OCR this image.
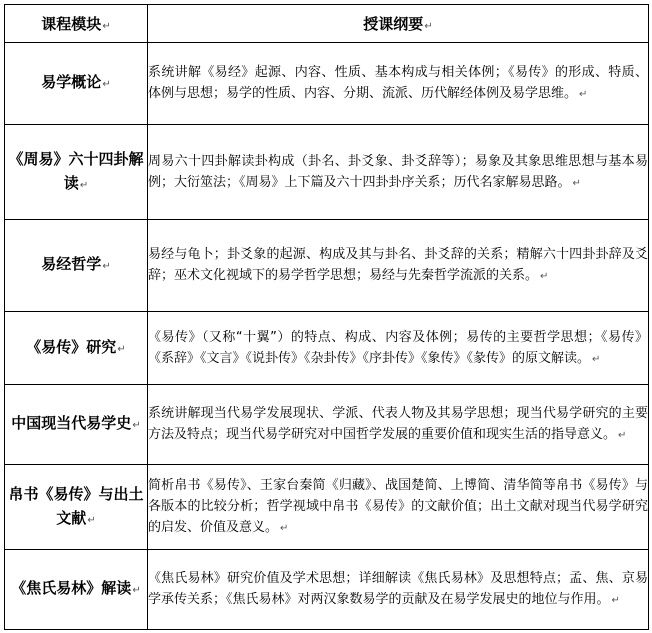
课程模块↵	授课纲要↵
易学概论↵	系统讲解《易经》起源、内容、性质、基本构成与相关体例；《易传》的形成、特质、体例与思想；易学的性质、内容、分期、流派、历代解经体例及易学思维。 ↵
《周易》六十四卦解读↵	周易六十四卦解读卦构成（卦名、卦爻象、卦爻辞等）；易象及其象思维思想与基本易例；大衍筮法；《周易》上下篇及六十四卦卦序关系；历代名家解易思路。 ↵
易经哲学↵	易经与龟卜；卦爻象的起源、构成及其与卦名、卦爻辞的关系；精解六十四卦卦辞及爻辞；巫术文化视域下的易学哲学思想；易经与先秦哲学流派的关系。 ↵
《易传》研究↵	《易传》（又称“十翼”）的特点、构成、内容及体例；易传的主要哲学思想；《易传》《系辞》《文言》《说卦传》《杂卦传》《序卦传》《象传》《彖传》的原文解读。 ↵
中国现当代易学史↵	系统讲解现当代易学发展现状、学派、代表人物及其易学思想；现当代易学研究的主要方法及特点；现当代易学研究对中国哲学发展的重要价值和现实生活的指导意义。 ↵
帛书《易传》与出土文献↵	简析帛书《易传》、王家台秦简《归藏》、战国楚简、上博简、清华简等帛书《易传》与各版本的比较分析；哲学视域中帛书《易传》的文献价值；出土文献对现当代易学研究的启发、价值及意义。 ↵
《焦氏易林》解读↵	《焦氏易林》研究价值及学术思想；详细解读《焦氏易林》及思想特点；孟、焦、京易学承传关系；《焦氏易林》对两汉象数易学的贡献及在易学发展史的地位与作用。 ↵
